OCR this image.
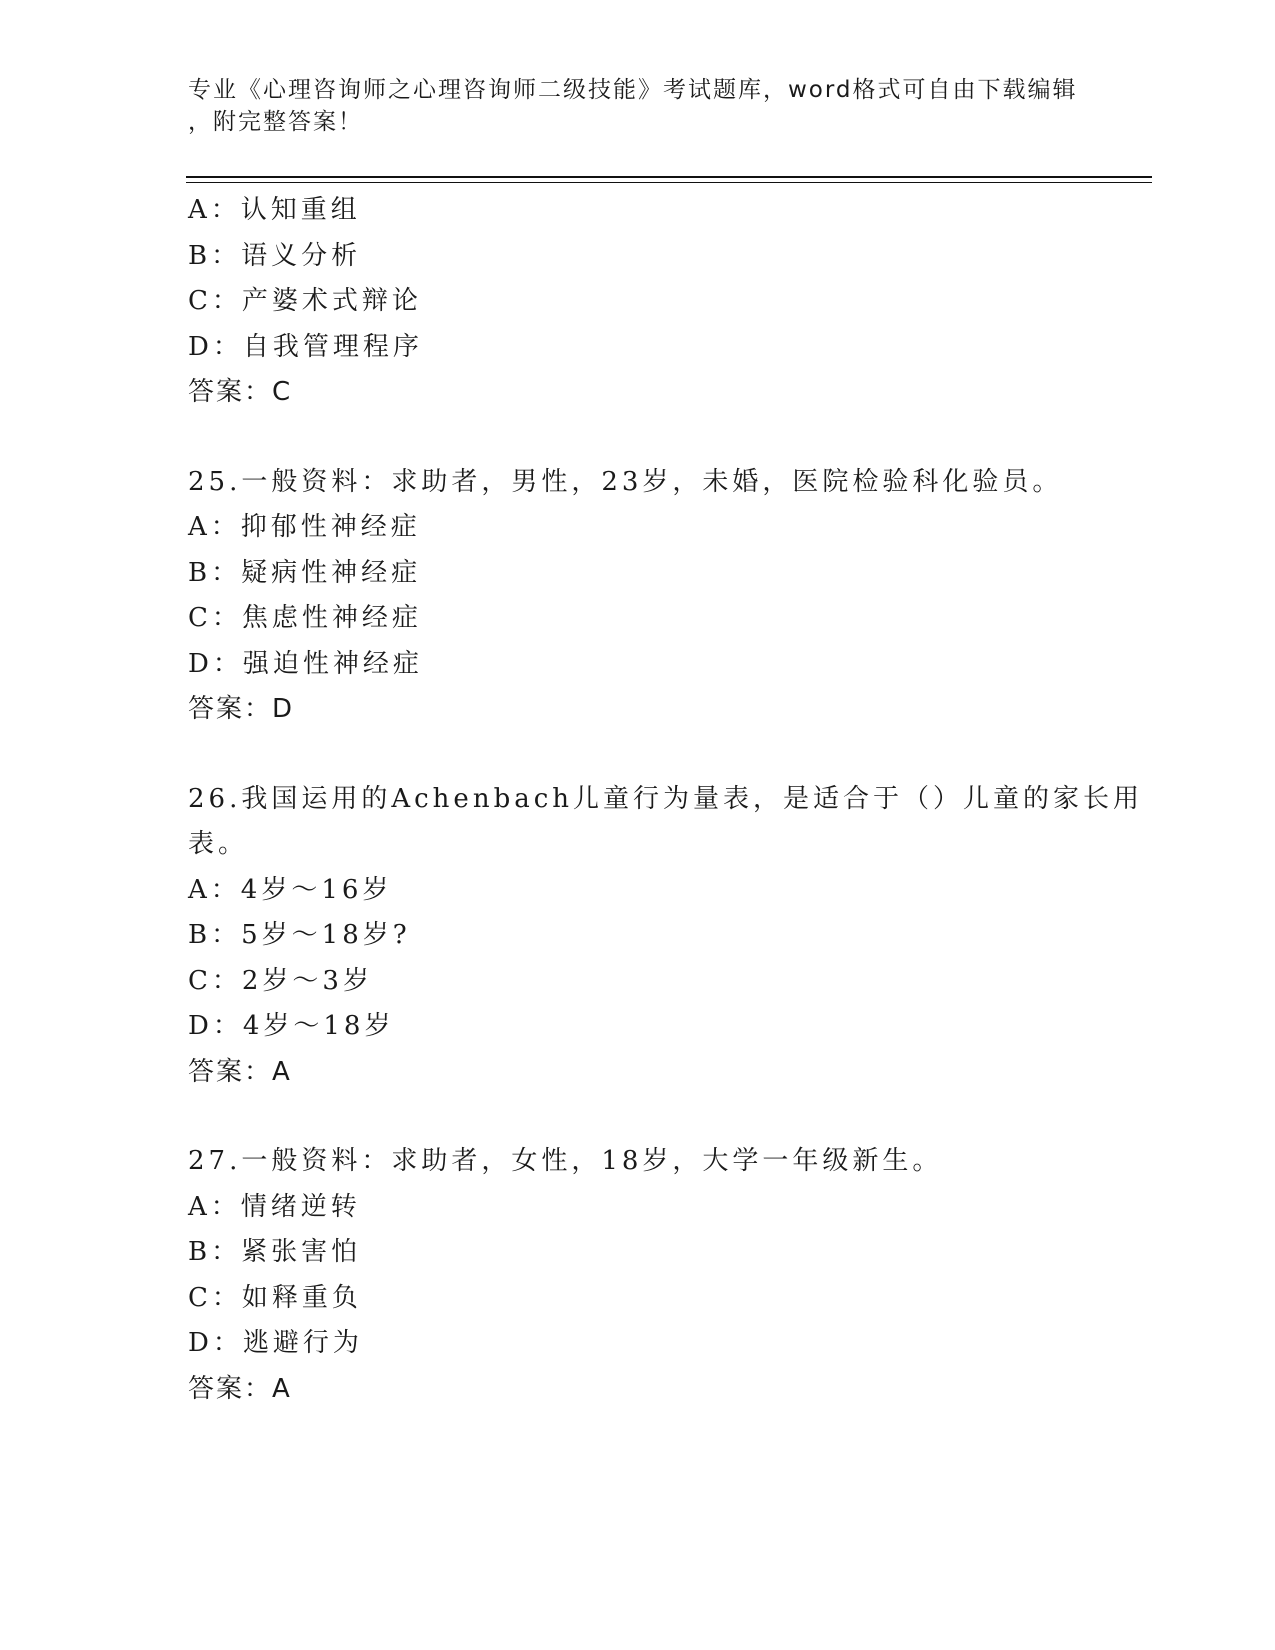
专业《心理咨询师之心理咨询师二级技能》考试题库，word格式可自由下载编辑
，附完整答案！
A：认知重组
B：语义分析
C：产婆术式辩论
D：自我管理程序
答案：C
25.一般资料：求助者，男性，23岁，未婚，医院检验科化验员。
A：抑郁性神经症
B：疑病性神经症
C：焦虑性神经症
D：强迫性神经症
答案：D
26.我国运用的Achenbach儿童行为量表，是适合于（）儿童的家长用
表。
A：4岁～16岁
B：5岁～18岁?
C：2岁～3岁
D：4岁～18岁
答案：A
27.一般资料：求助者，女性，18岁，大学一年级新生。
A：情绪逆转
B：紧张害怕
C：如释重负
D：逃避行为
答案：A
